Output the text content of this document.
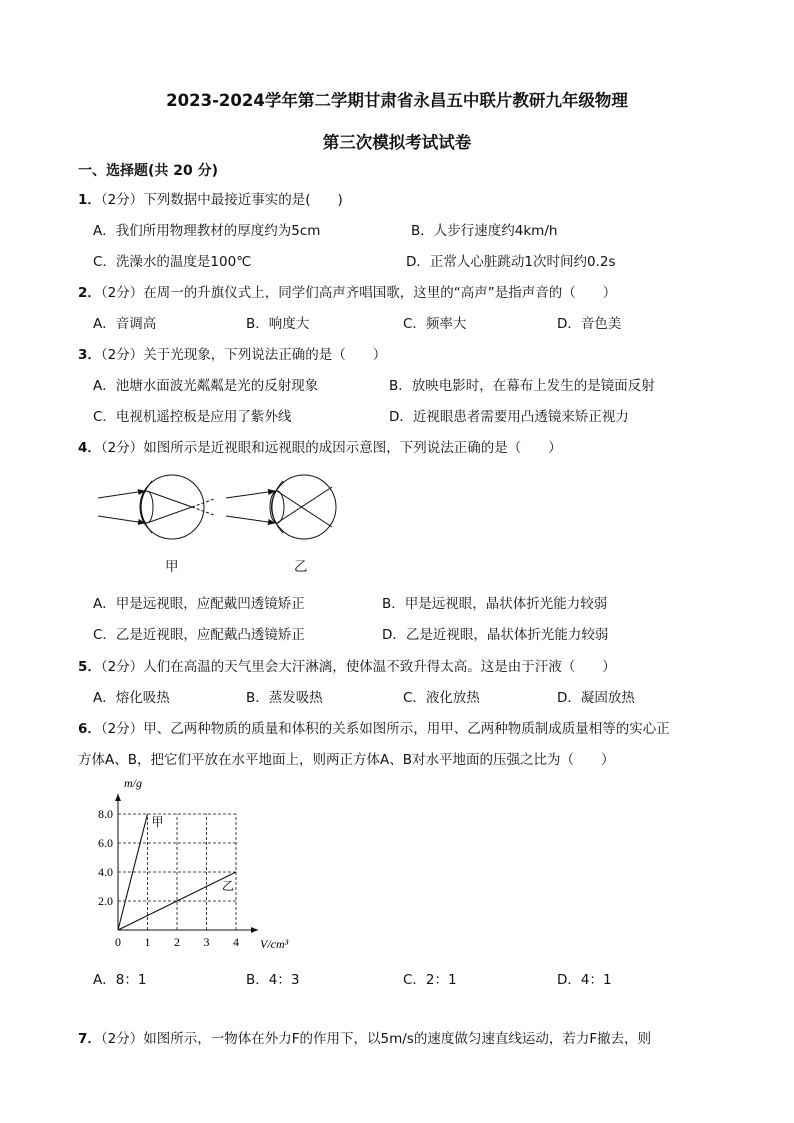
2023-2024学年第二学期甘肃省永昌五中联片教研九年级物理
第三次模拟考试试卷
一、选择题(共 20 分)
1．（2分）下列数据中最接近事实的是(　　)
A．我们所用物理教材的厚度约为5cm	B．人步行速度约4km/h
C．洗澡水的温度是100℃	D．正常人心脏跳动1次时间约0.2s
2．（2分）在周一的升旗仪式上，同学们高声齐唱国歌，这里的“高声”是指声音的（　　）
A．音调高	B．响度大	C．频率大	D．音色美
3．（2分）关于光现象，下列说法正确的是（　　）
A．池塘水面波光粼粼是光的反射现象	B．放映电影时，在幕布上发生的是镜面反射
C．电视机遥控板是应用了紫外线	D．近视眼患者需要用凸透镜来矫正视力
4．（2分）如图所示是近视眼和远视眼的成因示意图，下列说法正确的是（　　）
甲	乙
A．甲是远视眼，应配戴凹透镜矫正	B．甲是远视眼，晶状体折光能力较弱
C．乙是近视眼，应配戴凸透镜矫正	D．乙是近视眼，晶状体折光能力较弱
5．（2分）人们在高温的天气里会大汗淋漓，使体温不致升得太高。这是由于汗液（　　）
A．熔化吸热	B．蒸发吸热	C．液化放热	D．凝固放热
6．（2分）甲、乙两种物质的质量和体积的关系如图所示，用甲、乙两种物质制成质量相等的实心正
方体A、B，把它们平放在水平地面上，则两正方体A、B对水平地面的压强之比为（　　）
甲
乙
0 1 2 3 4
2.0
4.0
6.0
8.0
V/cm³
m/g
A．8：1	B．4：3	C．2：1	D．4：1
7．（2分）如图所示，一物体在外力F的作用下，以5m/s的速度做匀速直线运动，若力F撤去，则
